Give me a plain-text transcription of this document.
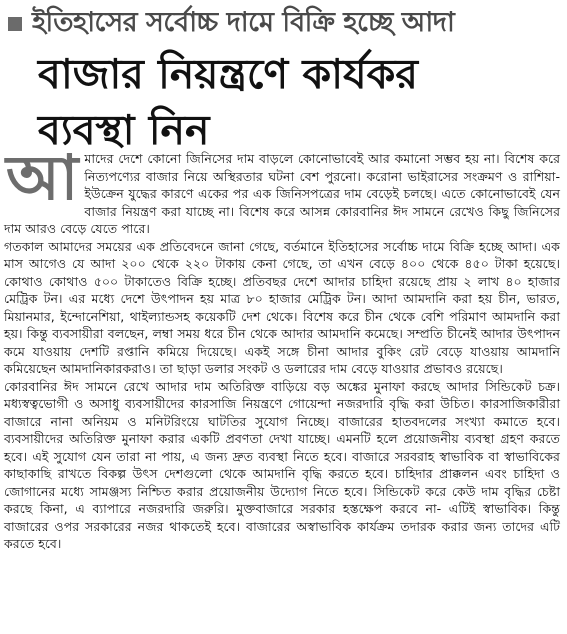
ইতিহাসের সর্বোচ্চ দামে বিক্রি হচ্ছে আদা
বাজার নিয়ন্ত্রণে কার্যকর
ব্যবস্থা নিন
আ মাদের দেশে কোনো জিনিসের দাম বাড়লে কোনোভাবেই আর কমানো সম্ভব হয় না। বিশেষ করে নিত্যপণ্যের বাজার নিয়ে অস্থিরতার ঘটনা বেশ পুরনো। করোনা ভাইরাসের সংক্রমণ ও রাশিয়া-ইউক্রেন যুদ্ধের কারণে একের পর এক জিনিসপত্রের দাম বেড়েই চলছে। এতে কোনোভাবেই যেন বাজার নিয়ন্ত্রণ করা যাচ্ছে না। বিশেষ করে আসন্ন কোরবানির ঈদ সামনে রেখেও কিছু জিনিসের দাম আরও বেড়ে যেতে পারে।

গতকাল আমাদের সময়ের এক প্রতিবেদনে জানা গেছে, বর্তমানে ইতিহাসের সর্বোচ্চ দামে বিক্রি হচ্ছে আদা। এক মাস আগেও যে আদা ২০০ থেকে ২২০ টাকায় কেনা গেছে, তা এখন বেড়ে ৪০০ থেকে ৪৫০ টাকা হয়েছে। কোথাও কোথাও ৫০০ টাকাতেও বিক্রি হচ্ছে। প্রতিবছর দেশে আদার চাহিদা রয়েছে প্রায় ২ লাখ ৪০ হাজার মেট্রিক টন। এর মধ্যে দেশে উৎপাদন হয় মাত্র ৮০ হাজার মেট্রিক টন। আদা আমদানি করা হয় চীন, ভারত, মিয়ানমার, ইন্দোনেশিয়া, থাইল্যান্ডসহ কয়েকটি দেশ থেকে। বিশেষ করে চীন থেকে বেশি পরিমাণ আমদানি করা হয়। কিন্তু ব্যবসায়ীরা বলছেন, লম্বা সময় ধরে চীন থেকে আদার আমদানি কমেছে। সম্প্রতি চীনেই আদার উৎপাদন কমে যাওয়ায় দেশটি রপ্তানি কমিয়ে দিয়েছে। একই সঙ্গে চীনা আদার বুকিং রেট বেড়ে যাওয়ায় আমদানি কমিয়েছেন আমদানিকারকরাও। তা ছাড়া ডলার সংকট ও ডলারের দাম বেড়ে যাওয়ার প্রভাবও রয়েছে।

কোরবানির ঈদ সামনে রেখে আদার দাম অতিরিক্ত বাড়িয়ে বড় অঙ্কের মুনাফা করছে আদার সিন্ডিকেট চক্র। মধ্যস্বত্বভোগী ও অসাধু ব্যবসায়ীদের কারসাজি নিয়ন্ত্রণে গোয়েন্দা নজরদারি বৃদ্ধি করা উচিত। কারসাজিকারীরা বাজারে নানা অনিয়ম ও মনিটরিংয়ে ঘাটতির সুযোগ নিচ্ছে। বাজারের হাতবদলের সংখ্যা কমাতে হবে। ব্যবসায়ীদের অতিরিক্ত মুনাফা করার একটি প্রবণতা দেখা যাচ্ছে। এমনটি হলে প্রয়োজনীয় ব্যবস্থা গ্রহণ করতে হবে। এই সুযোগ যেন তারা না পায়, এ জন্য দ্রুত ব্যবস্থা নিতে হবে। বাজারে সরবরাহ স্বাভাবিক বা স্বাভাবিকের কাছাকাছি রাখতে বিকল্প উৎস দেশগুলো থেকে আমদানি বৃদ্ধি করতে হবে। চাহিদার প্রাক্কলন এবং চাহিদা ও জোগানের মধ্যে সামঞ্জস্য নিশ্চিত করার প্রয়োজনীয় উদ্যোগ নিতে হবে। সিন্ডিকেট করে কেউ দাম বৃদ্ধির চেষ্টা করছে কিনা, এ ব্যাপারে নজরদারি জরুরি। মুক্তবাজারে সরকার হস্তক্ষেপ করবে না- এটিই স্বাভাবিক। কিন্তু বাজারের ওপর সরকারের নজর থাকতেই হবে। বাজারের অস্বাভাবিক কার্যক্রম তদারক করার জন্য তাদের এটি করতে হবে।
